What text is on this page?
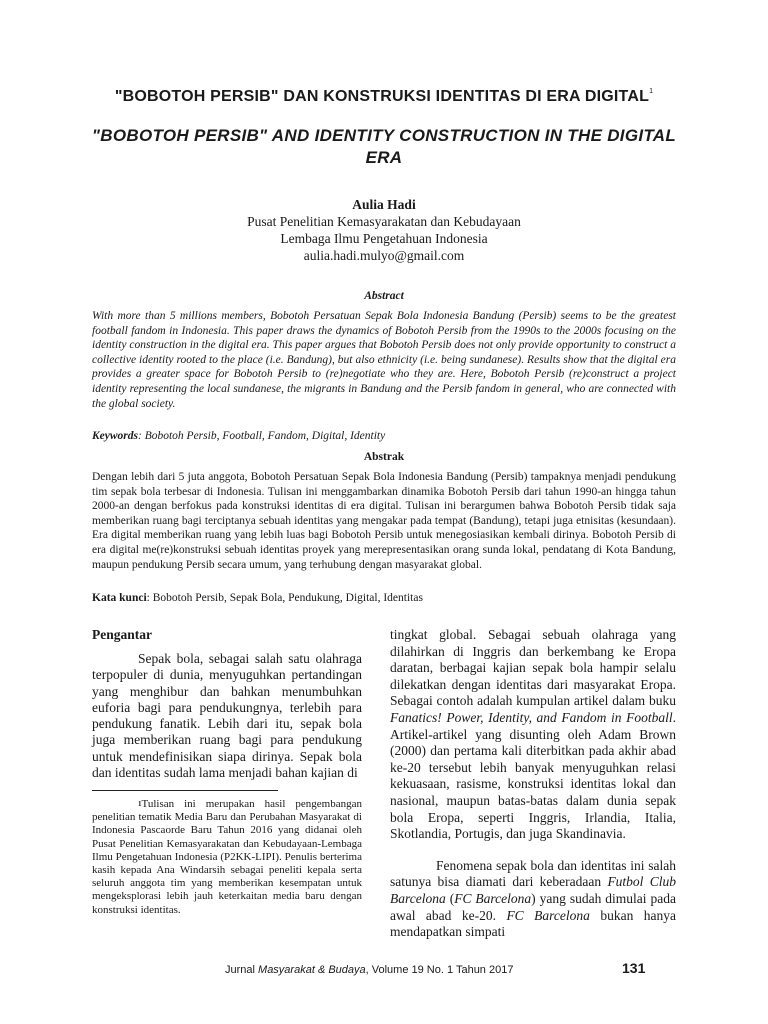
"BOBOTOH PERSIB" DAN KONSTRUKSI IDENTITAS DI ERA DIGITAL$^1$
"BOBOTOH PERSIB" AND IDENTITY CONSTRUCTION IN THE DIGITAL ERA
Aulia Hadi
Pusat Penelitian Kemasyarakatan dan Kebudayaan
Lembaga Ilmu Pengetahuan Indonesia
aulia.hadi.mulyo@gmail.com
Abstract
With more than 5 millions members, Bobotoh Persatuan Sepak Bola Indonesia Bandung (Persib) seems to be the greatest football fandom in Indonesia. This paper draws the dynamics of Bobotoh Persib from the 1990s to the 2000s focusing on the identity construction in the digital era. This paper argues that Bobotoh Persib does not only provide opportunity to construct a collective identity rooted to the place (i.e. Bandung), but also ethnicity (i.e. being sundanese). Results show that the digital era provides a greater space for Bobotoh Persib to (re)negotiate who they are. Here, Bobotoh Persib (re)construct a project identity representing the local sundanese, the migrants in Bandung and the Persib fandom in general, who are connected with the global society.
Keywords: Bobotoh Persib, Football, Fandom, Digital, Identity
Abstrak
Dengan lebih dari 5 juta anggota, Bobotoh Persatuan Sepak Bola Indonesia Bandung (Persib) tampaknya menjadi pendukung tim sepak bola terbesar di Indonesia. Tulisan ini menggambarkan dinamika Bobotoh Persib dari tahun 1990-an hingga tahun 2000-an dengan berfokus pada konstruksi identitas di era digital. Tulisan ini berargumen bahwa Bobotoh Persib tidak saja memberikan ruang bagi terciptanya sebuah identitas yang mengakar pada tempat (Bandung), tetapi juga etnisitas (kesundaan). Era digital memberikan ruang yang lebih luas bagi Bobotoh Persib untuk menegosiasikan kembali dirinya. Bobotoh Persib di era digital me(re)konstruksi sebuah identitas proyek yang merepresentasikan orang sunda lokal, pendatang di Kota Bandung, maupun pendukung Persib secara umum, yang terhubung dengan masyarakat global.
Kata kunci: Bobotoh Persib, Sepak Bola, Pendukung, Digital, Identitas
Pengantar

Sepak bola, sebagai salah satu olahraga terpopuler di dunia, menyuguhkan pertandingan yang menghibur dan bahkan menumbuhkan euforia bagi para pendukungnya, terlebih para pendukung fanatik. Lebih dari itu, sepak bola juga memberikan ruang bagi para pendukung untuk mendefinisikan siapa dirinya. Sepak bola dan identitas sudah lama menjadi bahan kajian di

$^1$Tulisan ini merupakan hasil pengembangan penelitian tematik Media Baru dan Perubahan Masyarakat di Indonesia Pascaorde Baru Tahun 2016 yang didanai oleh Pusat Penelitian Kemasyarakatan dan Kebudayaan-Lembaga Ilmu Pengetahuan Indonesia (P2KK-LIPI). Penulis berterima kasih kepada Ana Windarsih sebagai peneliti kepala serta seluruh anggota tim yang memberikan kesempatan untuk mengeksplorasi lebih jauh keterkaitan media baru dengan konstruksi identitas.

tingkat global. Sebagai sebuah olahraga yang dilahirkan di Inggris dan berkembang ke Eropa daratan, berbagai kajian sepak bola hampir selalu dilekatkan dengan identitas dari masyarakat Eropa. Sebagai contoh adalah kumpulan artikel dalam buku Fanatics! Power, Identity, and Fandom in Football. Artikel-artikel yang disunting oleh Adam Brown (2000) dan pertama kali diterbitkan pada akhir abad ke-20 tersebut lebih banyak menyuguhkan relasi kekuasaan, rasisme, konstruksi identitas lokal dan nasional, maupun batas-batas dalam dunia sepak bola Eropa, seperti Inggris, Irlandia, Italia, Skotlandia, Portugis, dan juga Skandinavia.

Fenomena sepak bola dan identitas ini salah satunya bisa diamati dari keberadaan Futbol Club Barcelona (FC Barcelona) yang sudah dimulai pada awal abad ke-20. FC Barcelona bukan hanya mendapatkan simpati

Jurnal Masyarakat & Budaya, Volume 19 No. 1 Tahun 2017	131
